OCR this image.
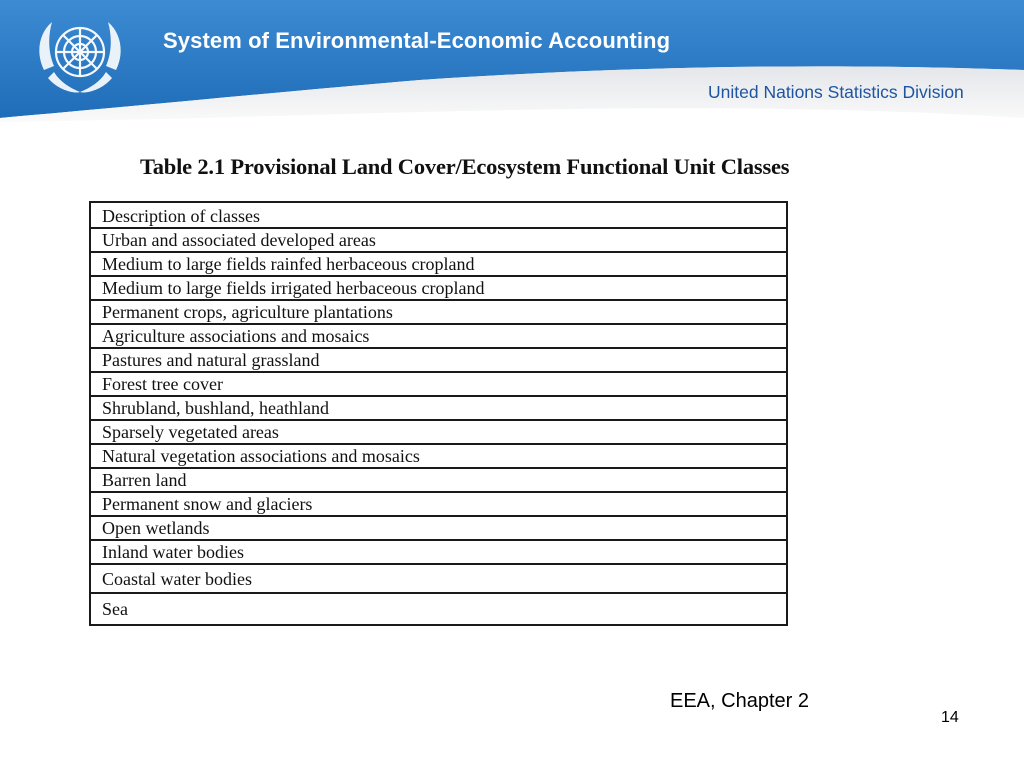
System of Environmental-Economic Accounting
United Nations Statistics Division
Table 2.1 Provisional Land Cover/Ecosystem Functional Unit Classes
Description of classes
Urban and associated developed areas
Medium to large fields rainfed herbaceous cropland
Medium to large fields irrigated herbaceous cropland
Permanent crops, agriculture plantations
Agriculture associations and mosaics
Pastures and natural grassland
Forest tree cover
Shrubland, bushland, heathland
Sparsely vegetated areas
Natural vegetation associations and mosaics
Barren land
Permanent snow and glaciers
Open wetlands
Inland water bodies
Coastal water bodies
Sea
EEA, Chapter 2
14
